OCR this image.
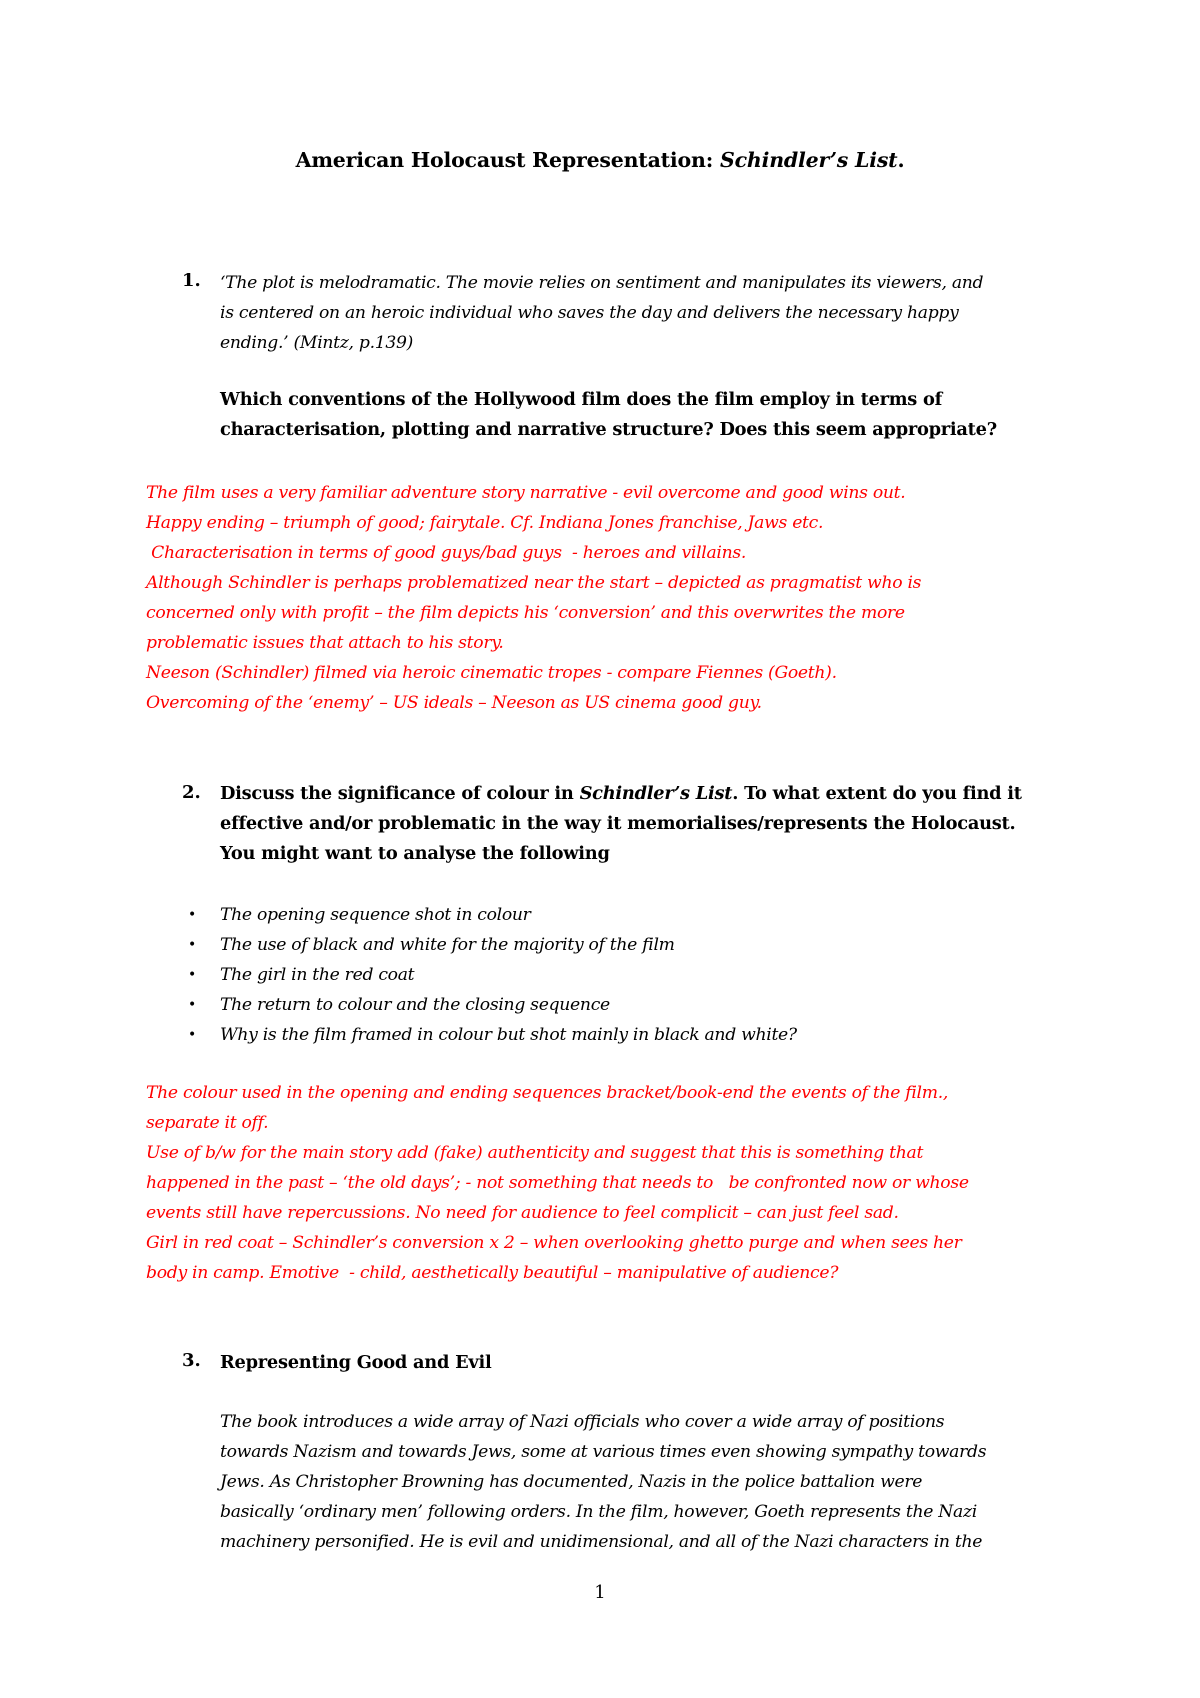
American Holocaust Representation: Schindler’s List.
1. ‘The plot is melodramatic. The movie relies on sentiment and manipulates its viewers, and
is centered on an heroic individual who saves the day and delivers the necessary happy
ending.’ (Mintz, p.139)
Which conventions of the Hollywood film does the film employ in terms of
characterisation, plotting and narrative structure? Does this seem appropriate?
The film uses a very familiar adventure story narrative - evil overcome and good wins out.
Happy ending – triumph of good; fairytale. Cf. Indiana Jones franchise, Jaws etc.
Characterisation in terms of good guys/bad guys  - heroes and villains.
Although Schindler is perhaps problematized near the start – depicted as pragmatist who is
concerned only with profit – the film depicts his ‘conversion’ and this overwrites the more
problematic issues that attach to his story.
Neeson (Schindler) filmed via heroic cinematic tropes - compare Fiennes (Goeth).
Overcoming of the ‘enemy’ – US ideals – Neeson as US cinema good guy.
2. Discuss the significance of colour in Schindler’s List. To what extent do you find it
effective and/or problematic in the way it memorialises/represents the Holocaust.
You might want to analyse the following
• The opening sequence shot in colour
• The use of black and white for the majority of the film
• The girl in the red coat
• The return to colour and the closing sequence
• Why is the film framed in colour but shot mainly in black and white?
The colour used in the opening and ending sequences bracket/book-end the events of the film.,
separate it off.
Use of b/w for the main story add (fake) authenticity and suggest that this is something that
happened in the past – ‘the old days’; - not something that needs to   be confronted now or whose
events still have repercussions. No need for audience to feel complicit – can just feel sad.
Girl in red coat – Schindler’s conversion x 2 – when overlooking ghetto purge and when sees her
body in camp. Emotive  - child, aesthetically beautiful – manipulative of audience?
3. Representing Good and Evil
The book introduces a wide array of Nazi officials who cover a wide array of positions
towards Nazism and towards Jews, some at various times even showing sympathy towards
Jews. As Christopher Browning has documented, Nazis in the police battalion were
basically ‘ordinary men’ following orders. In the film, however, Goeth represents the Nazi
machinery personified. He is evil and unidimensional, and all of the Nazi characters in the
1
